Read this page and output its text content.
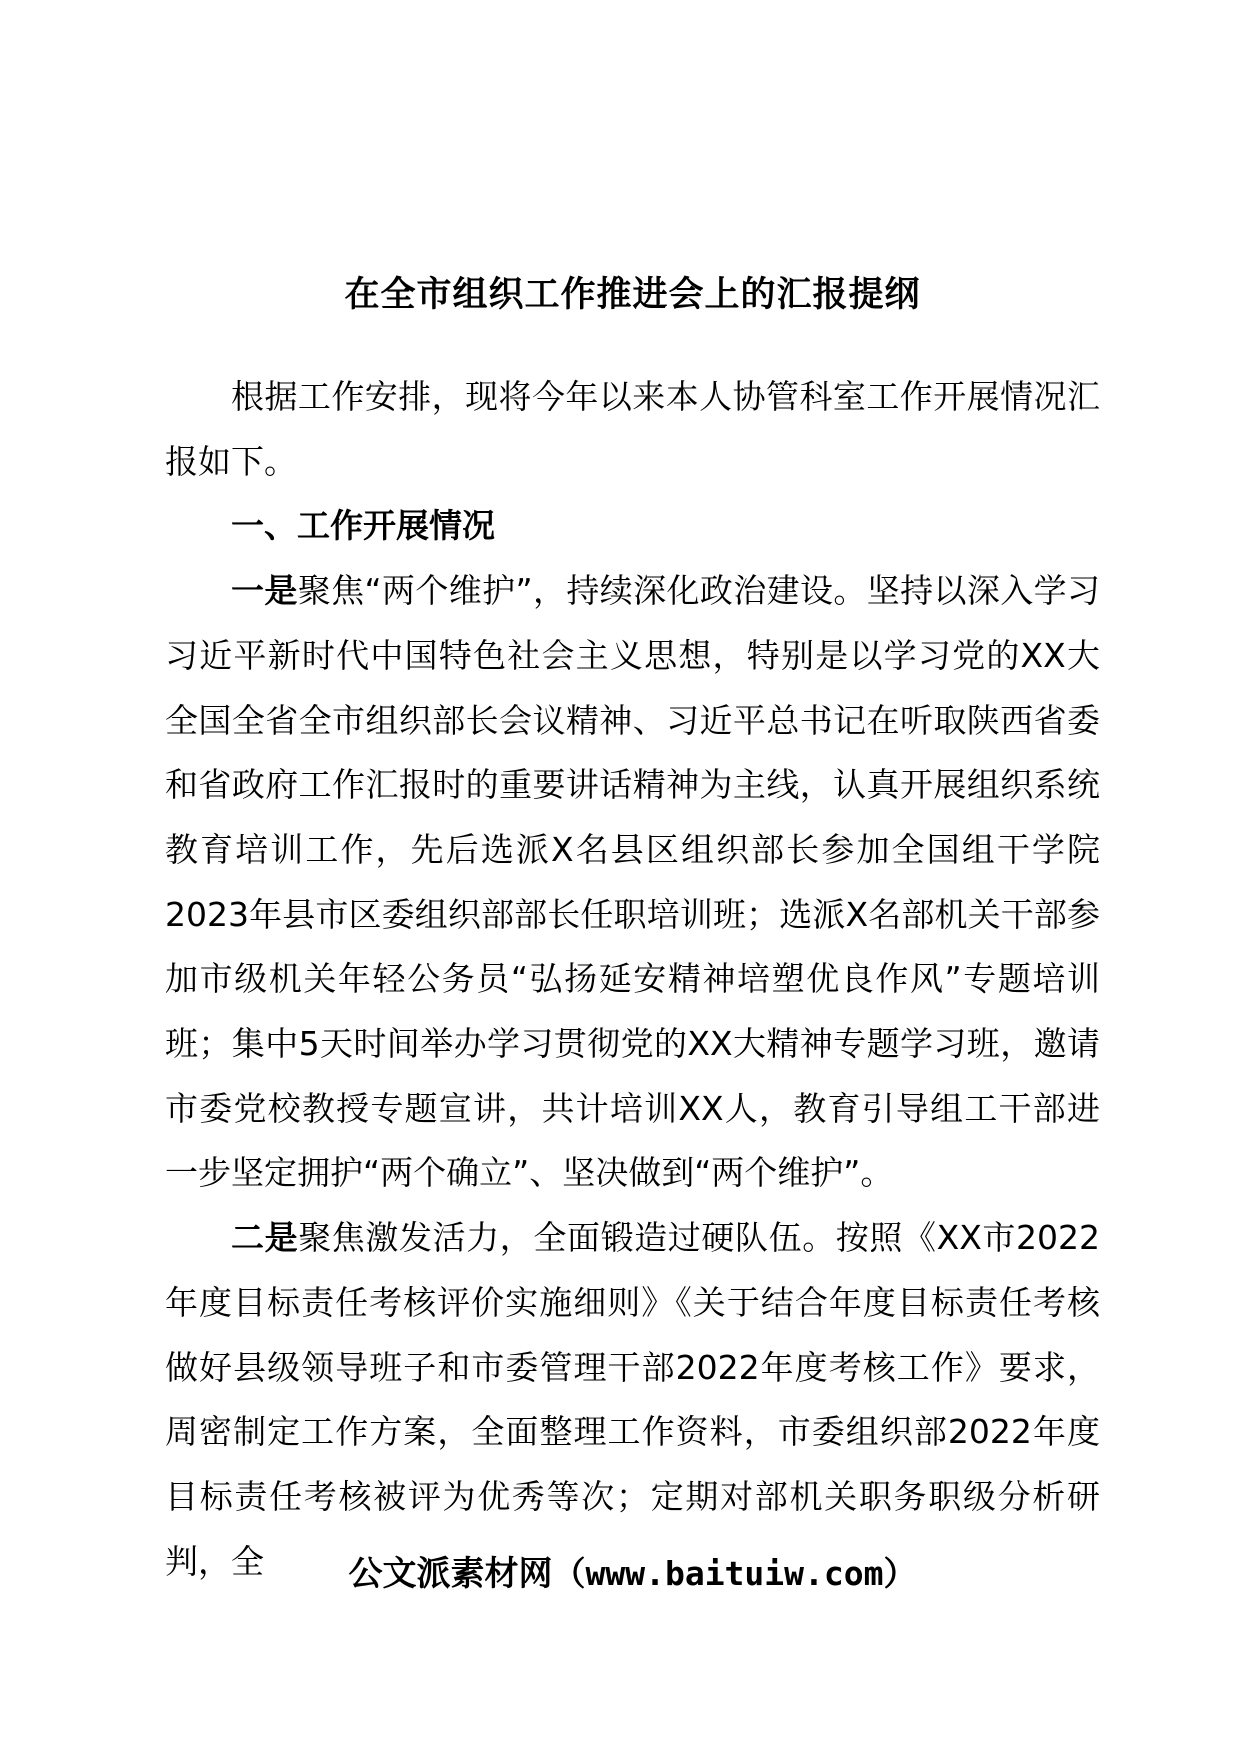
在全市组织工作推进会上的汇报提纲

根据工作安排，现将今年以来本人协管科室工作开展情况汇报如下。

一、工作开展情况

一是聚焦“两个维护”，持续深化政治建设。坚持以深入学习习近平新时代中国特色社会主义思想，特别是以学习党的XX大全国全省全市组织部长会议精神、习近平总书记在听取陕西省委和省政府工作汇报时的重要讲话精神为主线，认真开展组织系统教育培训工作，先后选派X名县区组织部长参加全国组干学院2023年县市区委组织部部长任职培训班；选派X名部机关干部参加市级机关年轻公务员“弘扬延安精神培塑优良作风”专题培训班；集中5天时间举办学习贯彻党的XX大精神专题学习班，邀请市委党校教授专题宣讲，共计培训XX人，教育引导组工干部进一步坚定拥护“两个确立”、坚决做到“两个维护”。

二是聚焦激发活力，全面锻造过硬队伍。按照《XX市2022年度目标责任考核评价实施细则》《关于结合年度目标责任考核做好县级领导班子和市委管理干部2022年度考核工作》要求，周密制定工作方案，全面整理工作资料，市委组织部2022年度目标责任考核被评为优秀等次；定期对部机关职务职级分析研判，全	公文派素材网（www.baituiw.com）
